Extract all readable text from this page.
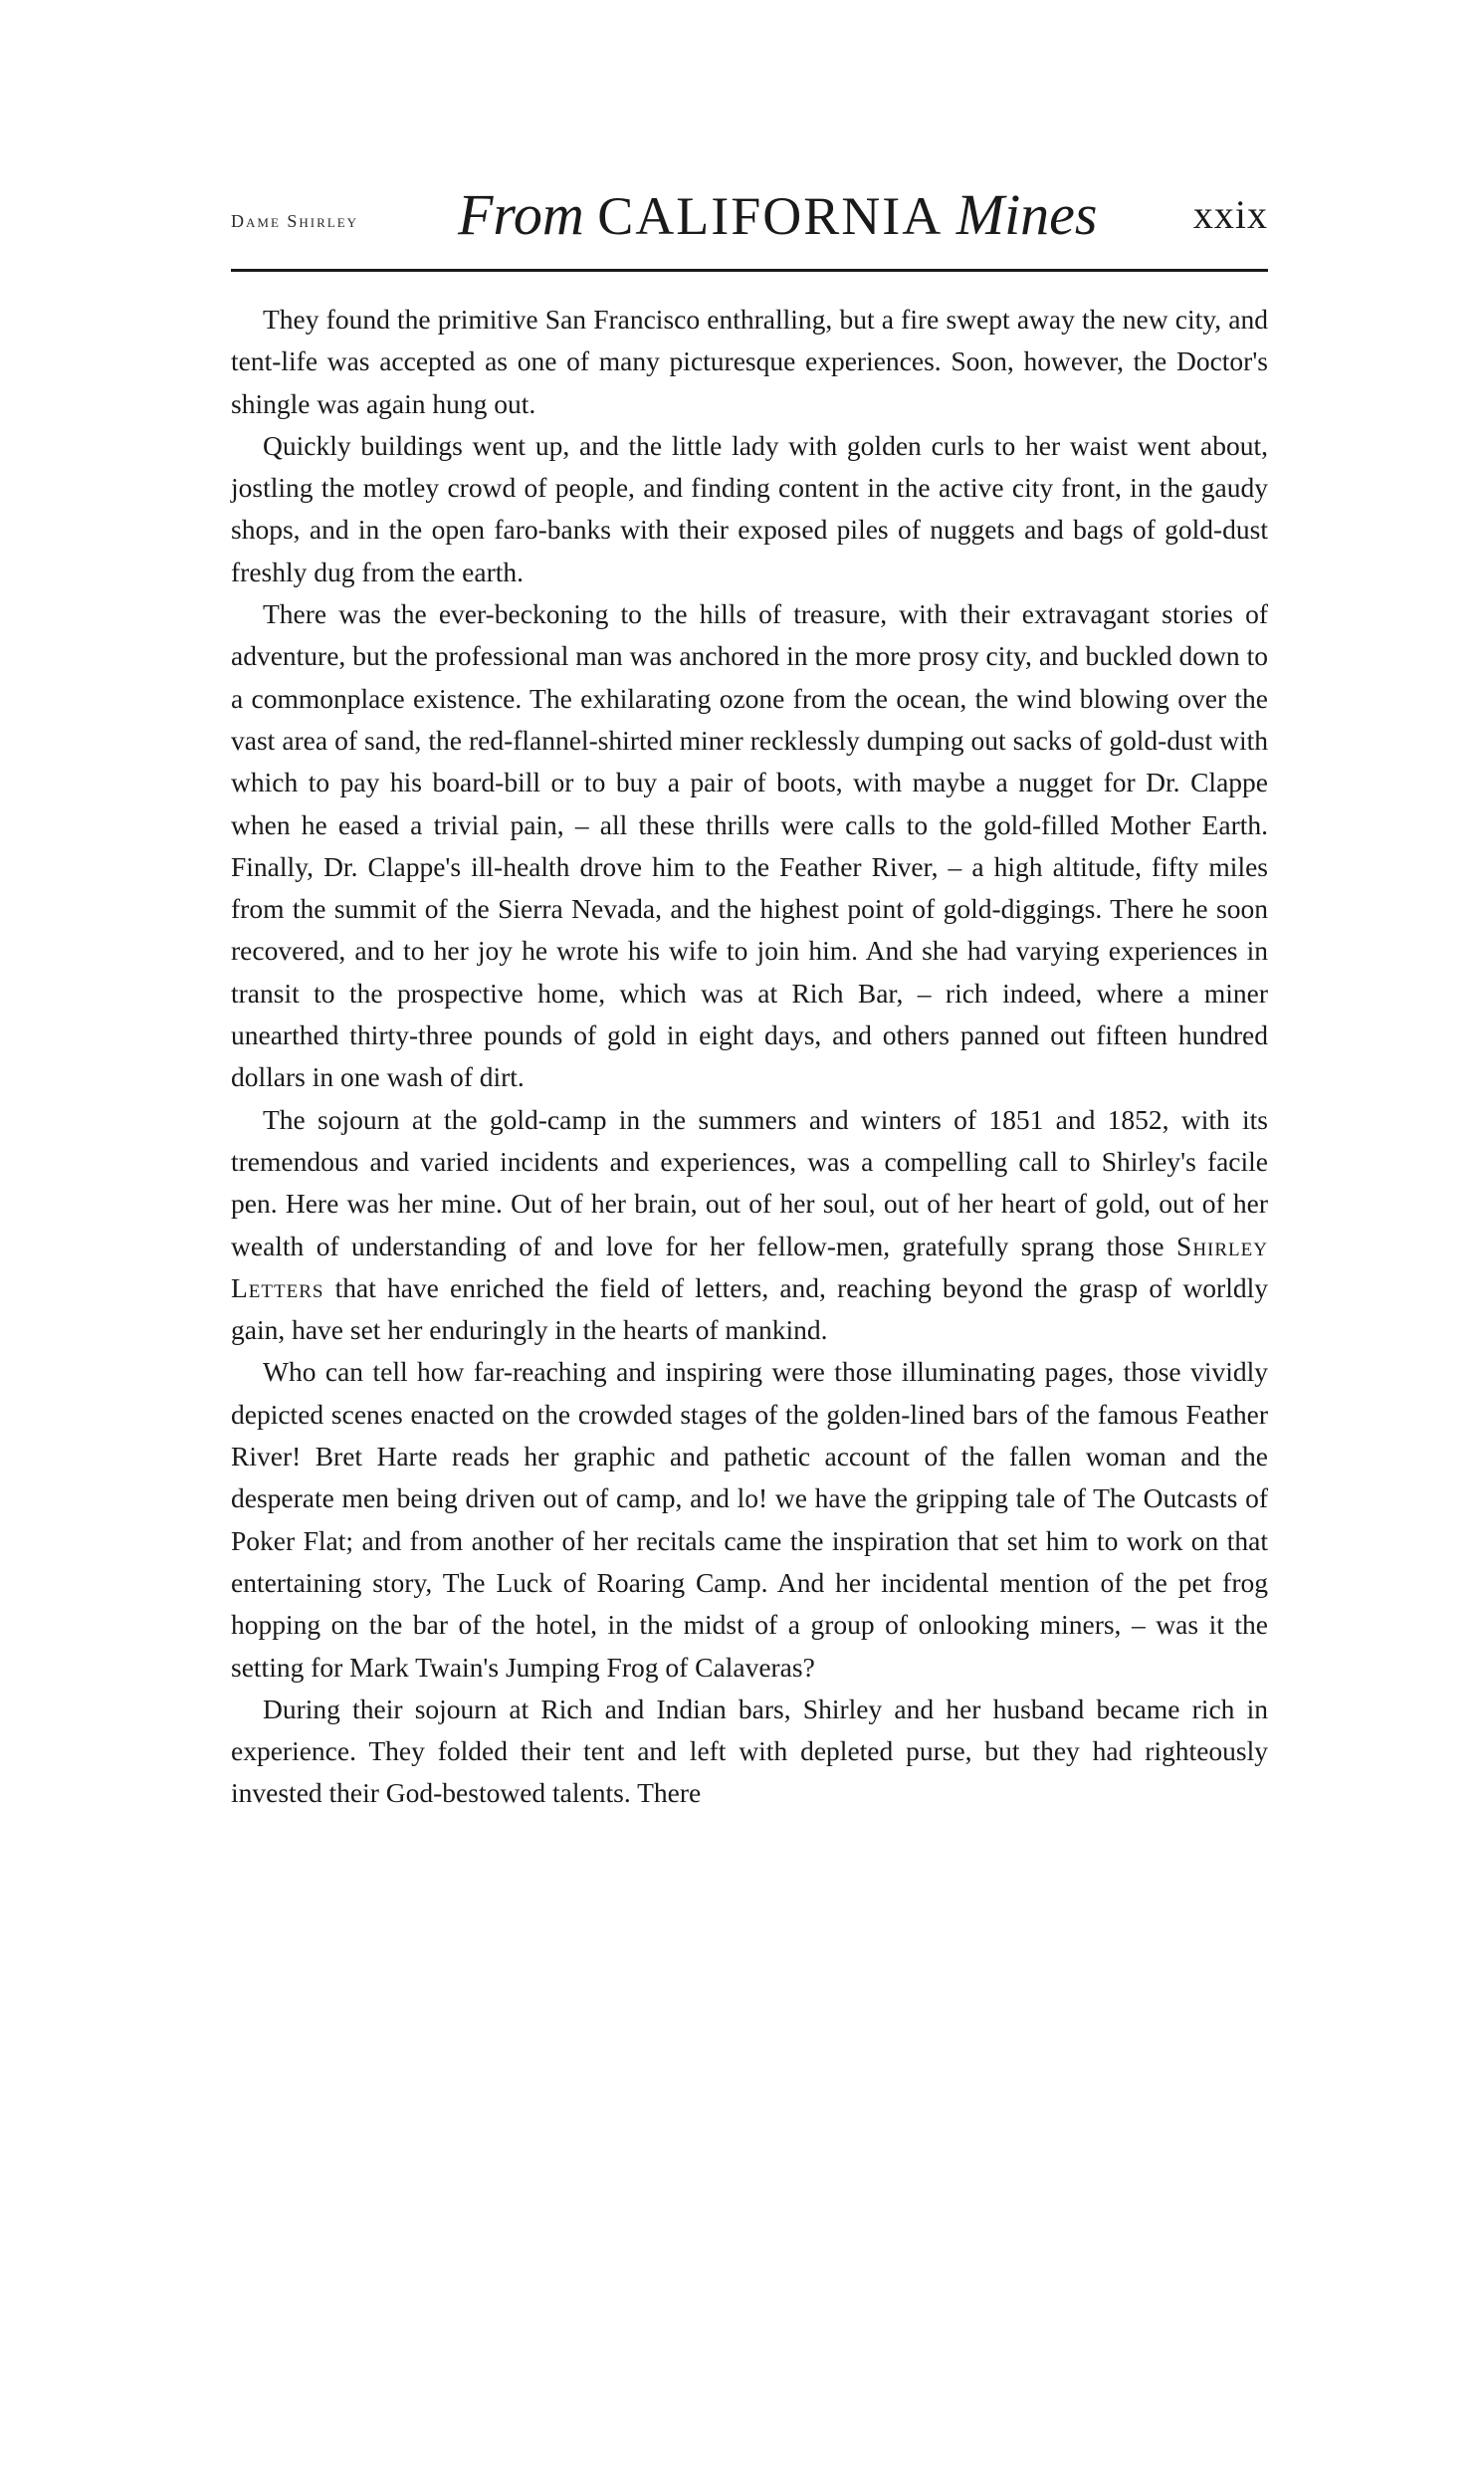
Dame Shirley From CALIFORNIA Mines xxix

They found the primitive San Francisco enthralling, but a fire swept away the new city, and tent-life was accepted as one of many picturesque experiences. Soon, however, the Doctor's shingle was again hung out.

Quickly buildings went up, and the little lady with golden curls to her waist went about, jostling the motley crowd of people, and finding content in the active city front, in the gaudy shops, and in the open faro-banks with their exposed piles of nuggets and bags of gold-dust freshly dug from the earth.

There was the ever-beckoning to the hills of treasure, with their extravagant stories of adventure, but the professional man was anchored in the more prosy city, and buckled down to a commonplace existence. The exhilarating ozone from the ocean, the wind blowing over the vast area of sand, the red-flannel-shirted miner recklessly dumping out sacks of gold-dust with which to pay his board-bill or to buy a pair of boots, with maybe a nugget for Dr. Clappe when he eased a trivial pain, – all these thrills were calls to the gold-filled Mother Earth. Finally, Dr. Clappe's ill-health drove him to the Feather River, – a high altitude, fifty miles from the summit of the Sierra Nevada, and the highest point of gold-diggings. There he soon recovered, and to her joy he wrote his wife to join him. And she had varying experiences in transit to the prospective home, which was at Rich Bar, – rich indeed, where a miner unearthed thirty-three pounds of gold in eight days, and others panned out fifteen hundred dollars in one wash of dirt.

The sojourn at the gold-camp in the summers and winters of 1851 and 1852, with its tremendous and varied incidents and experiences, was a compelling call to Shirley's facile pen. Here was her mine. Out of her brain, out of her soul, out of her heart of gold, out of her wealth of understanding of and love for her fellow-men, gratefully sprang those Shirley Letters that have enriched the field of letters, and, reaching beyond the grasp of worldly gain, have set her enduringly in the hearts of mankind.

Who can tell how far-reaching and inspiring were those illuminating pages, those vividly depicted scenes enacted on the crowded stages of the golden-lined bars of the famous Feather River! Bret Harte reads her graphic and pathetic account of the fallen woman and the desperate men being driven out of camp, and lo! we have the gripping tale of The Outcasts of Poker Flat; and from another of her recitals came the inspiration that set him to work on that entertaining story, The Luck of Roaring Camp. And her incidental mention of the pet frog hopping on the bar of the hotel, in the midst of a group of onlooking miners, – was it the setting for Mark Twain's Jumping Frog of Calaveras?

During their sojourn at Rich and Indian bars, Shirley and her husband became rich in experience. They folded their tent and left with depleted purse, but they had righteously invested their God-bestowed talents. There
